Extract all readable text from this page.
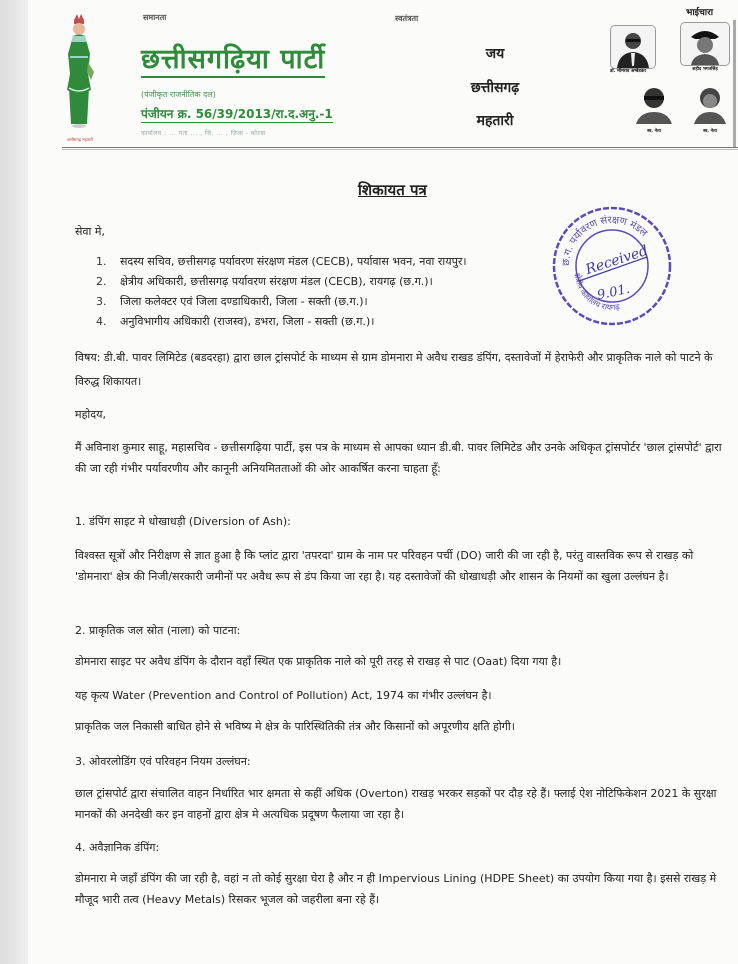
छत्तीसगढ़ महतारी
समानता	स्वतंत्रता
भाईचारा
छत्तीसगढ़िया पार्टी
(पंजीकृत राजनीतिक दल)
पंजीयन क्र. 56/39/2013/रा.द.अनु.-1
कार्यालय : ... पता ... , जि. ... , जिला - कोरबा
जय
छत्तीसगढ़
महतारी
डॉ. भीमराव अम्बेडकर	शहीद भगतसिंह
स्व. नेता	स्व. नेता
शिकायत पत्र
छ.ग. पर्यावरण संरक्षण मंडल
क्षेत्रीय कार्यालय रायगढ़
Received
9.01.
सेवा मे,
1. सदस्य सचिव, छत्तीसगढ़ पर्यावरण संरक्षण मंडल (CECB), पर्यावास भवन, नवा रायपुर।
2. क्षेत्रीय अधिकारी, छत्तीसगढ़ पर्यावरण संरक्षण मंडल (CECB), रायगढ़ (छ.ग.)।
3. जिला कलेक्टर एवं जिला दण्डाधिकारी, जिला - सक्ती (छ.ग.)।
4. अनुविभागीय अधिकारी (राजस्व), डभरा, जिला - सक्ती (छ.ग.)।
विषय: डी.बी. पावर लिमिटेड (बडदरहा) द्वारा छाल ट्रांसपोर्ट के माध्यम से ग्राम डोमनारा मे अवैध राखड डंपिंग, दस्तावेजों में हेराफेरी और प्राकृतिक नाले को पाटने के विरुद्ध शिकायत।
महोदय,
मैं अविनाश कुमार साहू, महासचिव - छत्तीसगढ़िया पार्टी, इस पत्र के माध्यम से आपका ध्यान डी.बी. पावर लिमिटेड और उनके अधिकृत ट्रांसपोर्टर 'छाल ट्रांसपोर्ट' द्वारा की जा रही गंभीर पर्यावरणीय और कानूनी अनियमितताओं की ओर आकर्षित करना चाहता हूँ:
1. डंपिंग साइट मे धोखाधड़ी (Diversion of Ash):
विश्वस्त सूत्रों और निरीक्षण से ज्ञात हुआ है कि प्लांट द्वारा 'तपरदा' ग्राम के नाम पर परिवहन पर्ची (DO) जारी की जा रही है, परंतु वास्तविक रूप से राखड़ को 'डोमनारा' क्षेत्र की निजी/सरकारी जमीनों पर अवैध रूप से डंप किया जा रहा है। यह दस्तावेजों की धोखाधड़ी और शासन के नियमों का खुला उल्लंघन है।
2. प्राकृतिक जल स्रोत (नाला) को पाटना:
डोमनारा साइट पर अवैध डंपिंग के दौरान वहाँ स्थित एक प्राकृतिक नाले को पूरी तरह से राखड़ से पाट (Oaat) दिया गया है।
यह कृत्य Water (Prevention and Control of Pollution) Act, 1974 का गंभीर उल्लंघन है।
प्राकृतिक जल निकासी बाधित होने से भविष्य मे क्षेत्र के पारिस्थितिकी तंत्र और किसानों को अपूरणीय क्षति होगी।
3. ओवरलोडिंग एवं परिवहन नियम उल्लंघन:
छाल ट्रांसपोर्ट द्वारा संचालित वाहन निर्धारित भार क्षमता से कहीं अधिक (Overton) राखड़ भरकर सड़कों पर दौड़ रहे हैं। फ्लाई ऐश नोटिफिकेशन 2021 के सुरक्षा मानकों की अनदेखी कर इन वाहनों द्वारा क्षेत्र मे अत्यधिक प्रदूषण फैलाया जा रहा है।
4. अवैज्ञानिक डंपिंग:
डोमनारा मे जहाँ डंपिंग की जा रही है, वहां न तो कोई सुरक्षा घेरा है और न ही Impervious Lining (HDPE Sheet) का उपयोग किया गया है। इससे राखड़ मे मौजूद भारी तत्व (Heavy Metals) रिसकर भूजल को जहरीला बना रहे हैं।
